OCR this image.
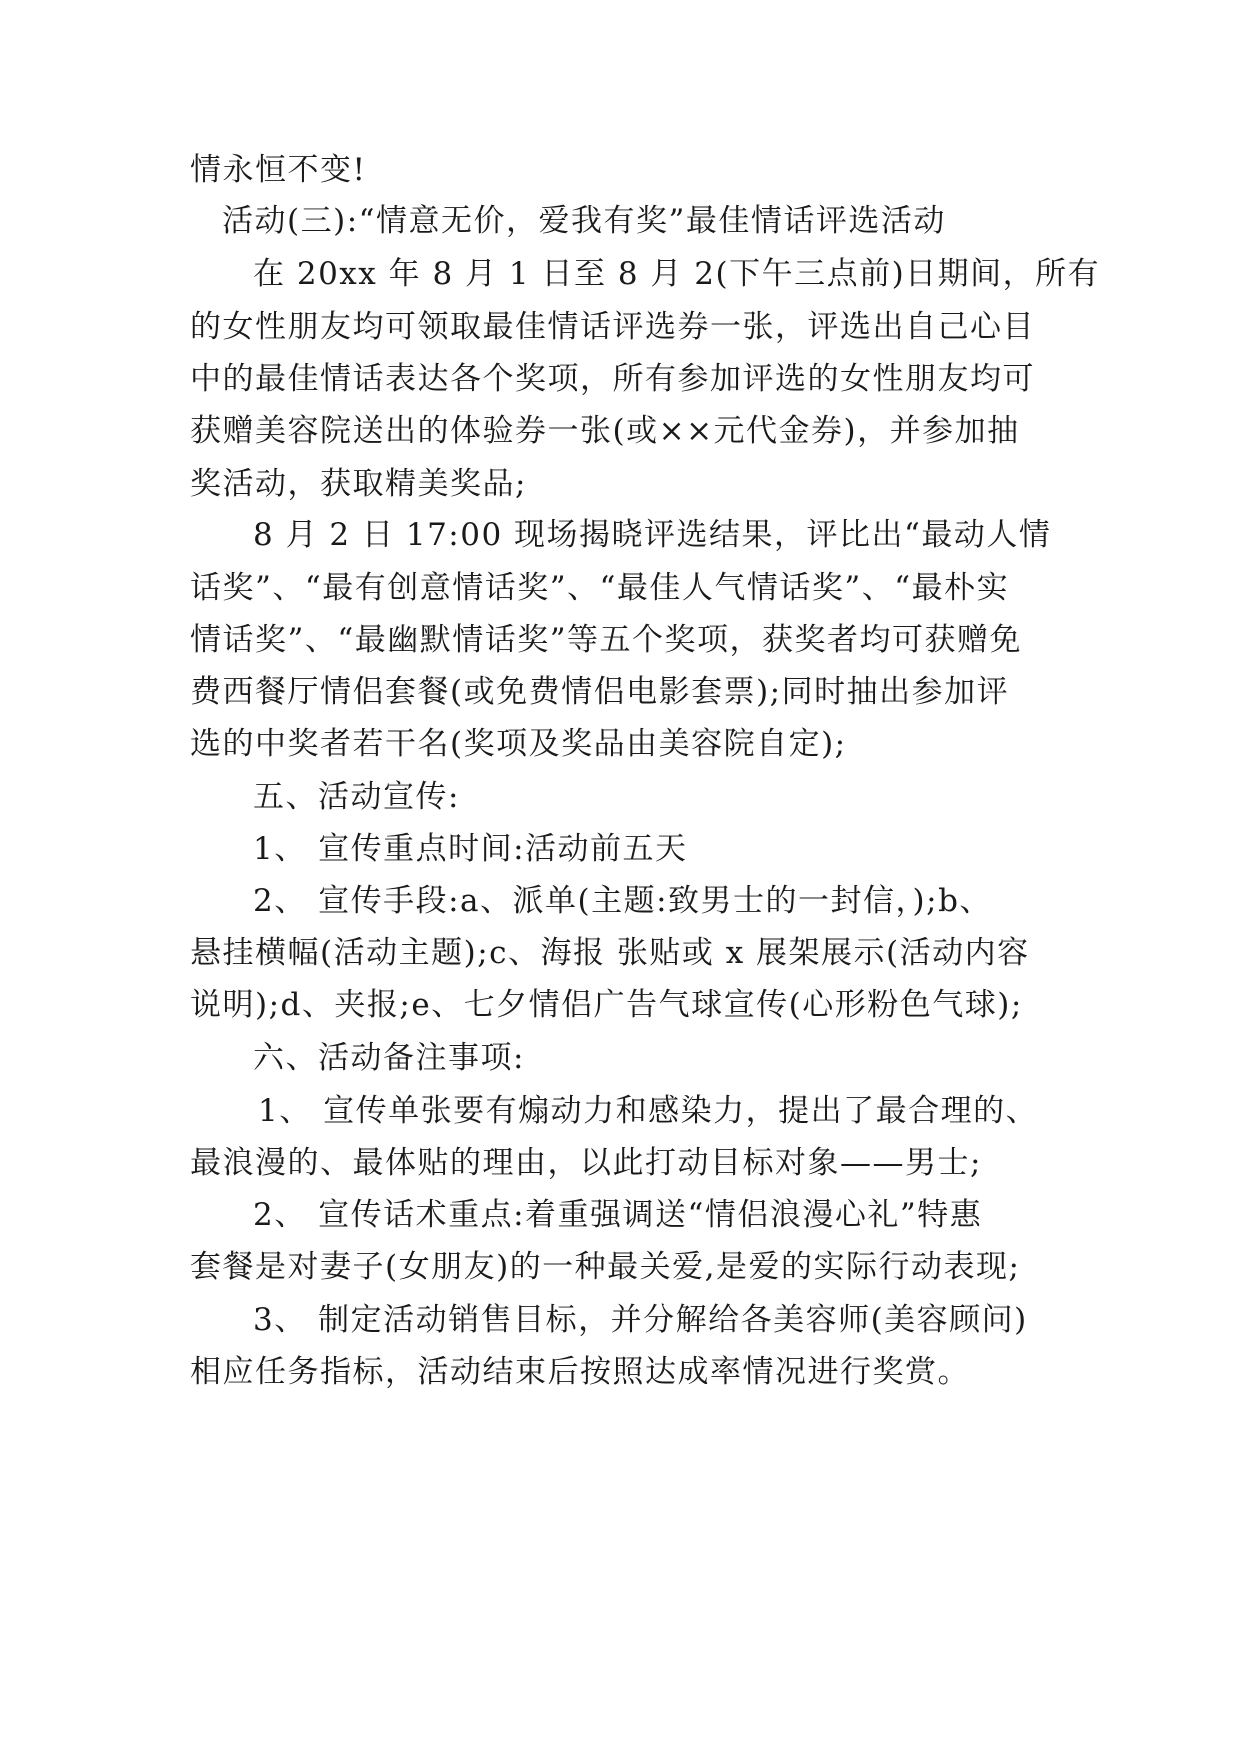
情永恒不变!
活动(三):“情意无价，爱我有奖”最佳情话评选活动
在 20xx 年 8 月 1 日至 8 月 2(下午三点前)日期间，所有
的女性朋友均可领取最佳情话评选券一张，评选出自己心目
中的最佳情话表达各个奖项，所有参加评选的女性朋友均可
获赠美容院送出的体验券一张(或××元代金券)，并参加抽
奖活动，获取精美奖品;
8 月 2 日 17:00 现场揭晓评选结果，评比出“最动人情
话奖”、“最有创意情话奖”、“最佳人气情话奖”、“最朴实
情话奖”、“最幽默情话奖”等五个奖项，获奖者均可获赠免
费西餐厅情侣套餐(或免费情侣电影套票);同时抽出参加评
选的中奖者若干名(奖项及奖品由美容院自定);
五、活动宣传:
1、 宣传重点时间:活动前五天
2、 宣传手段:a、派单(主题:致男士的一封信，);b、
悬挂横幅(活动主题);c、海报 张贴或 x 展架展示(活动内容
说明);d、夹报;e、七夕情侣广告气球宣传(心形粉色气球);
六、活动备注事项:
1、 宣传单张要有煽动力和感染力，提出了最合理的、
最浪漫的、最体贴的理由，以此打动目标对象——男士;
2、 宣传话术重点:着重强调送“情侣浪漫心礼”特惠
套餐是对妻子(女朋友)的一种最关爱,是爱的实际行动表现;
3、 制定活动销售目标，并分解给各美容师(美容顾问)
相应任务指标，活动结束后按照达成率情况进行奖赏。
